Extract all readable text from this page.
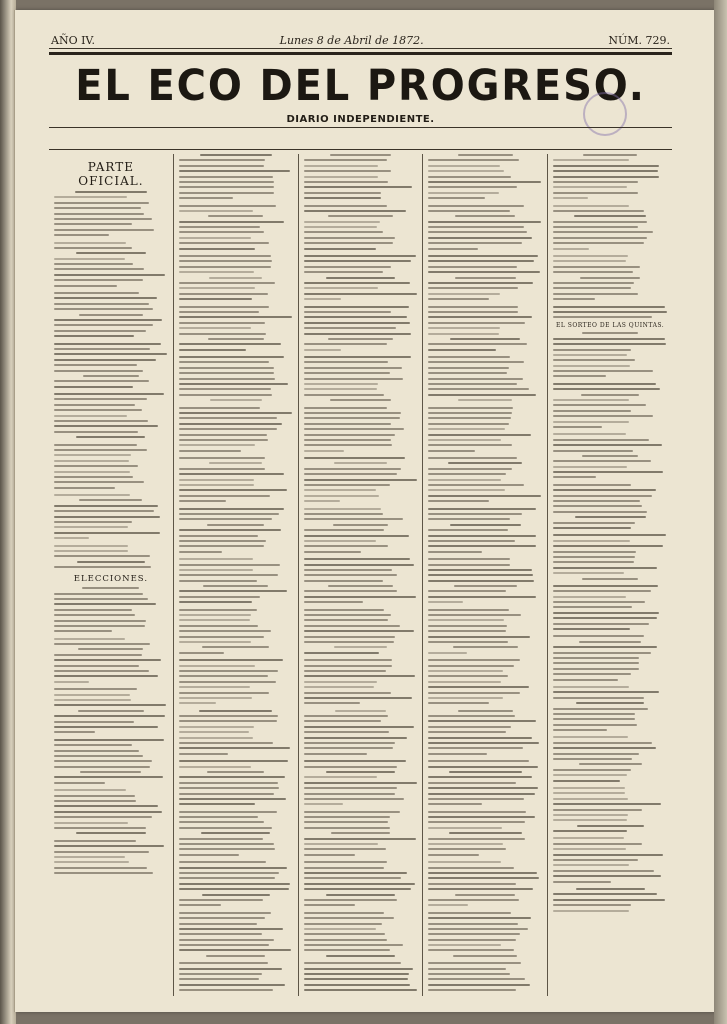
AÑO IV.	Lunes 8 de Abril de 1872.	NÚM. 729.
EL ECO DEL PROGRESO.
DIARIO INDEPENDIENTE.
PARTE OFICIAL.
ELECCIONES.
EL SORTEO DE LAS QUINTAS.
